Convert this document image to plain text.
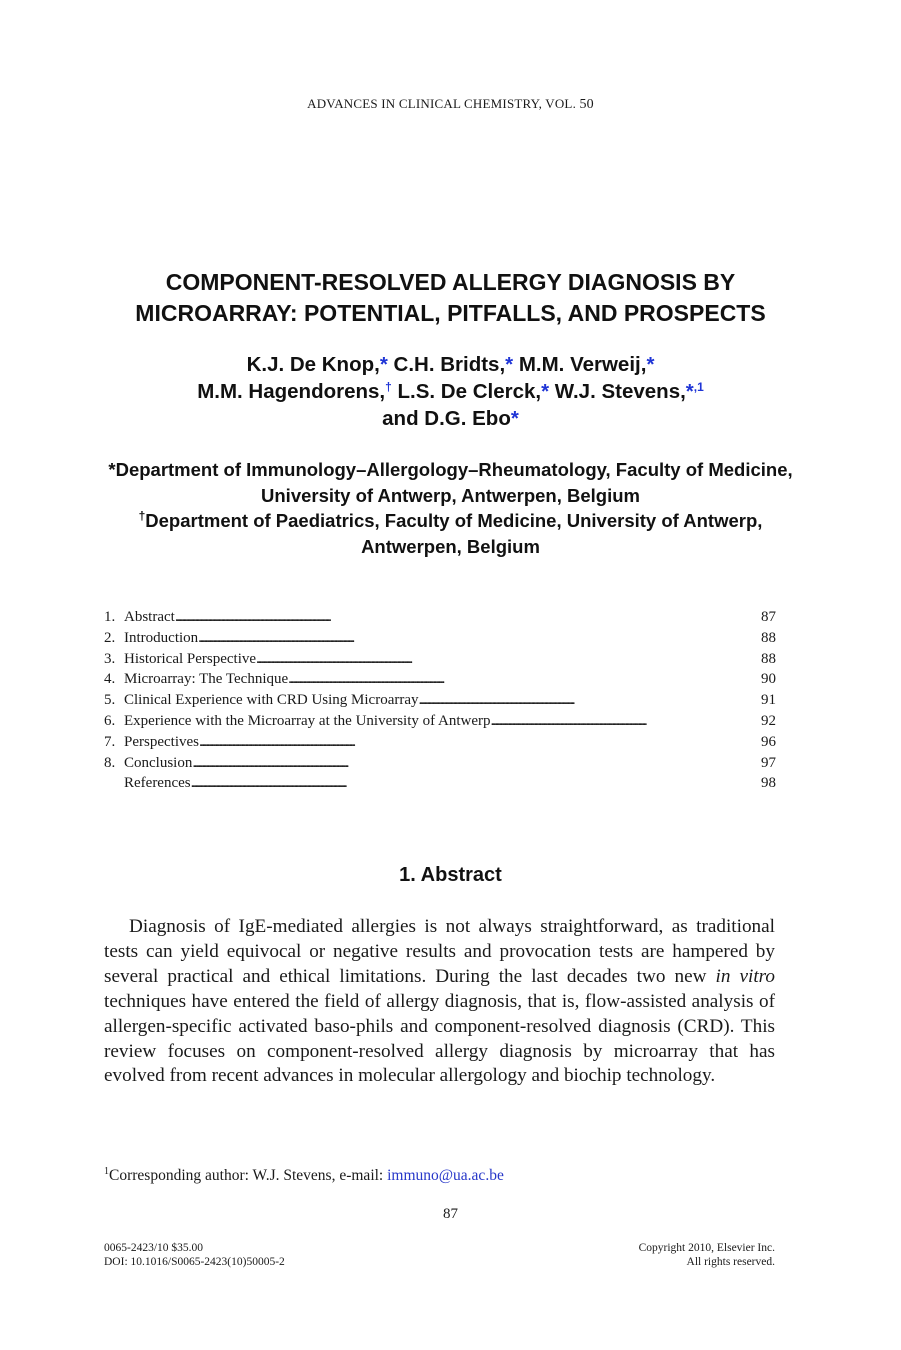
ADVANCES IN CLINICAL CHEMISTRY, VOL. 50
COMPONENT-RESOLVED ALLERGY DIAGNOSIS BY
MICROARRAY: POTENTIAL, PITFALLS, AND PROSPECTS
K.J. De Knop,* C.H. Bridts,* M.M. Verweij,*
M.M. Hagendorens,† L.S. De Clerck,* W.J. Stevens,*$^{,1}$
and D.G. Ebo*
*Department of Immunology–Allergology–Rheumatology, Faculty of Medicine, University of Antwerp, Antwerpen, Belgium
†Department of Paediatrics, Faculty of Medicine, University of Antwerp, Antwerpen, Belgium
1. Abstract . . .	87
2. Introduction . . .	88
3. Historical Perspective . . .	88
4. Microarray: The Technique . . .	90
5. Clinical Experience with CRD Using Microarray . . .	91
6. Experience with the Microarray at the University of Antwerp . . .	92
7. Perspectives . . .	96
8. Conclusion . . .	97
References . . .	98
1. Abstract
Diagnosis of IgE-mediated allergies is not always straightforward, as traditional tests can yield equivocal or negative results and provocation tests are hampered by several practical and ethical limitations. During the last decades two new in vitro techniques have entered the field of allergy diagnosis, that is, flow-assisted analysis of allergen-specific activated baso-phils and component-resolved diagnosis (CRD). This review focuses on component-resolved allergy diagnosis by microarray that has evolved from recent advances in molecular allergology and biochip technology.
$^1$Corresponding author: W.J. Stevens, e-mail: immuno@ua.ac.be
87
0065-2423/10 $35.00
DOI: 10.1016/S0065-2423(10)50005-2
Copyright 2010, Elsevier Inc.
All rights reserved.
